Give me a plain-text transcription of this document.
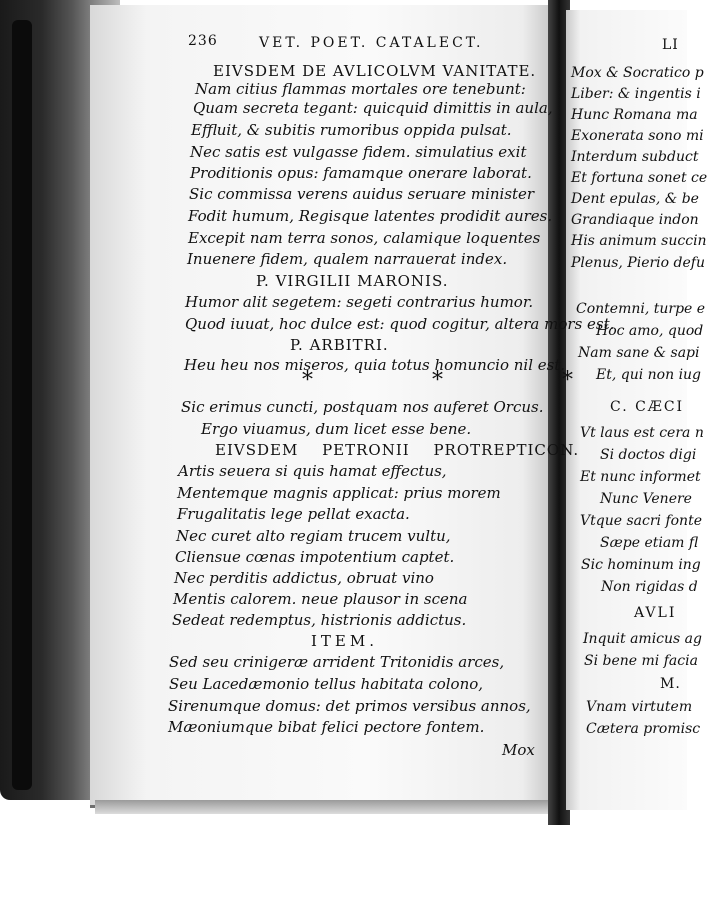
236	VET. POET. CATALECT.
EIVSDEM DE AVLICOLVM VANITATE.
Nam citius flammas mortales ore tenebunt:
Quam secreta tegant: quicquid dimittis in aula,
Effluit, & subitis rumoribus oppida pulsat.
Nec satis est vulgasse fidem. simulatius exit
Proditionis opus: famamque onerare laborat.
Sic commissa verens auidus seruare minister
Fodit humum, Regisque latentes prodidit aures.
Excepit nam terra sonos, calamique loquentes
Inuenere fidem, qualem narrauerat index.
P. VIRGILII MARONIS.
Humor alit segetem: segeti contrarius humor.
Quod iuuat, hoc dulce est: quod cogitur, altera mors est.
P. ARBITRI.
Heu heu nos miseros, quia totus homuncio nil est.
* * *
Sic erimus cuncti, postquam nos auferet Orcus.
Ergo viuamus, dum licet esse bene.
EIVSDEM PETRONII PROTREPTICON.
Artis seuera si quis hamat effectus,
Mentemque magnis applicat: prius morem
Frugalitatis lege pellat exacta.
Nec curet alto regiam trucem vultu,
Cliensue cœnas impotentium captet.
Nec perditis addictus, obruat vino
Mentis calorem. neue plausor in scena
Sedeat redemptus, histrionis addictus.
ITEM.
Sed seu crinigeræ arrident Tritonidis arces,
Seu Lacedæmonio tellus habitata colono,
Sirenumque domus: det primos versibus annos,
Mæoniumque bibat felici pectore fontem.
Mox
LI
Mox & Socratico p
Liber: & ingentis i
Hunc Romana ma
Exonerata sono mi
Interdum subduct
Et fortuna sonet ce
Dent epulas, & be
Grandiaque indon
His animum succin
Plenus, Pierio defu
Contemni, turpe e
Hoc amo, quod
Nam sane & sapi
Et, qui non iug
C. CÆCI
Vt laus est cera n
Si doctos digi
Et nunc informet
Nunc Venere
Vtque sacri fonte
Sæpe etiam fl
Sic hominum ing
Non rigidas d
AVLI
Inquit amicus ag
Si bene mi facia
M.
Vnam virtutem
Cætera promisc
